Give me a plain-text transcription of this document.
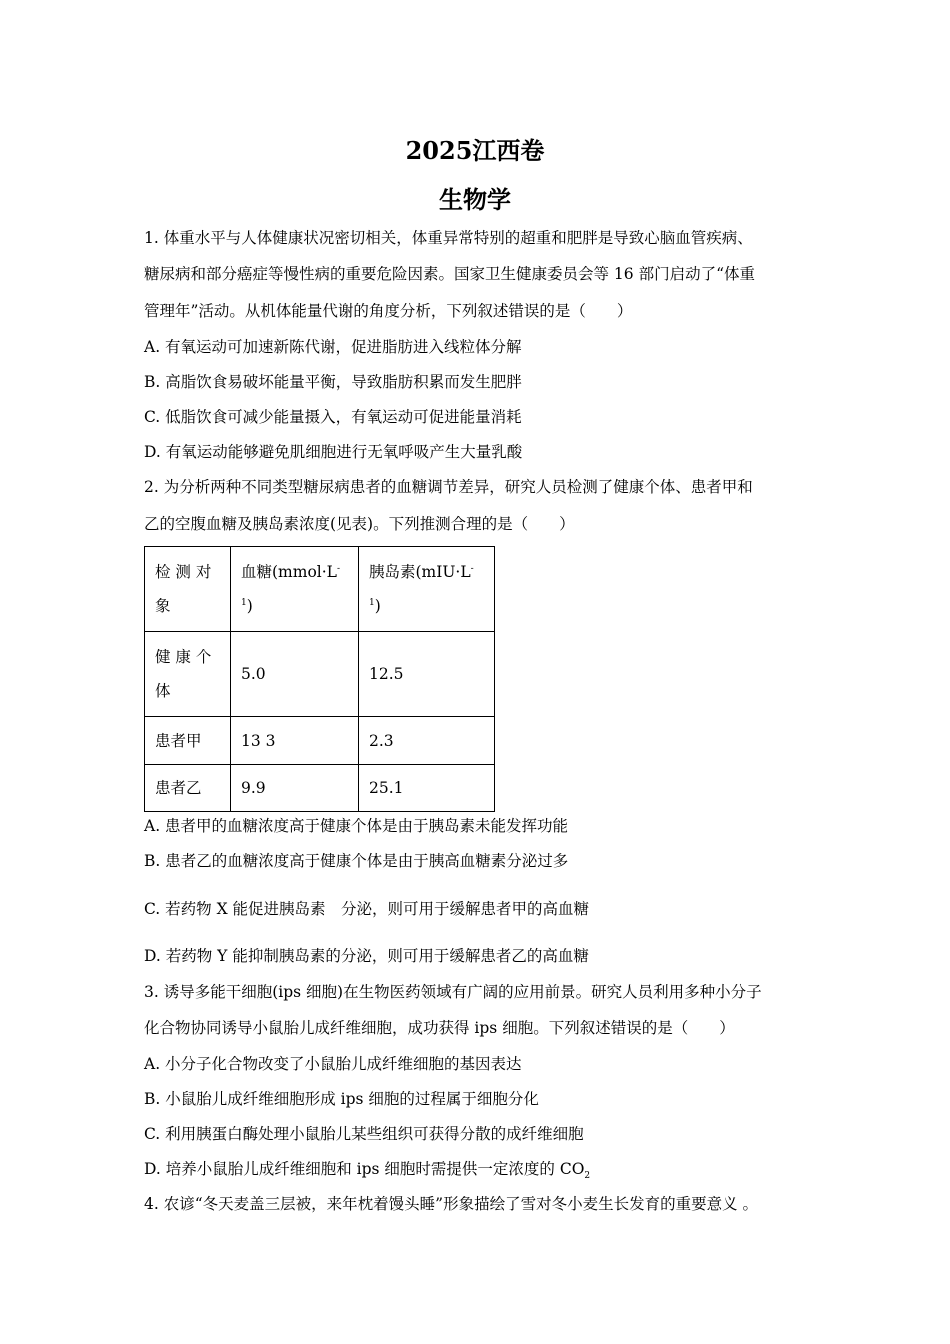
2025江西卷
生物学
1. 体重水平与人体健康状况密切相关，体重异常特别的超重和肥胖是导致心脑血管疾病、
糖尿病和部分癌症等慢性病的重要危险因素。国家卫生健康委员会等 16 部门启动了“体重
管理年”活动。从机体能量代谢的角度分析，下列叙述错误的是（　　）
A. 有氧运动可加速新陈代谢，促进脂肪进入线粒体分解
B. 高脂饮食易破坏能量平衡，导致脂肪积累而发生肥胖
C. 低脂饮食可减少能量摄入，有氧运动可促进能量消耗
D. 有氧运动能够避免肌细胞进行无氧呼吸产生大量乳酸
2. 为分析两种不同类型糖尿病患者的血糖调节差异，研究人员检测了健康个体、患者甲和
乙的空腹血糖及胰岛素浓度(见表)。下列推测合理的是（　　）
检 测 对
象	血糖$(mmol\cdot L^{-1})$	胰岛素$(mIU\cdot L^{-1})$

健 康 个
体	5.0	12.5
患者甲	13 3	2.3
患者乙	9.9	25.1
A. 患者甲的血糖浓度高于健康个体是由于胰岛素未能发挥功能
B. 患者乙的血糖浓度高于健康个体是由于胰高血糖素分泌过多
C. 若药物 X 能促进胰岛素　分泌，则可用于缓解患者甲的高血糖
D. 若药物 Y 能抑制胰岛素的分泌，则可用于缓解患者乙的高血糖
3. 诱导多能干细胞(ips 细胞)在生物医药领域有广阔的应用前景。研究人员利用多种小分子
化合物协同诱导小鼠胎儿成纤维细胞，成功获得 ips 细胞。下列叙述错误的是（　　）
A. 小分子化合物改变了小鼠胎儿成纤维细胞的基因表达
B. 小鼠胎儿成纤维细胞形成 ips 细胞的过程属于细胞分化
C. 利用胰蛋白酶处理小鼠胎儿某些组织可获得分散的成纤维细胞
D. 培养小鼠胎儿成纤维细胞和 ips 细胞时需提供一定浓度的 $CO_2$
4. 农谚“冬天麦盖三层被，来年枕着馒头睡”形象描绘了雪对冬小麦生长发育的重要意义 。
